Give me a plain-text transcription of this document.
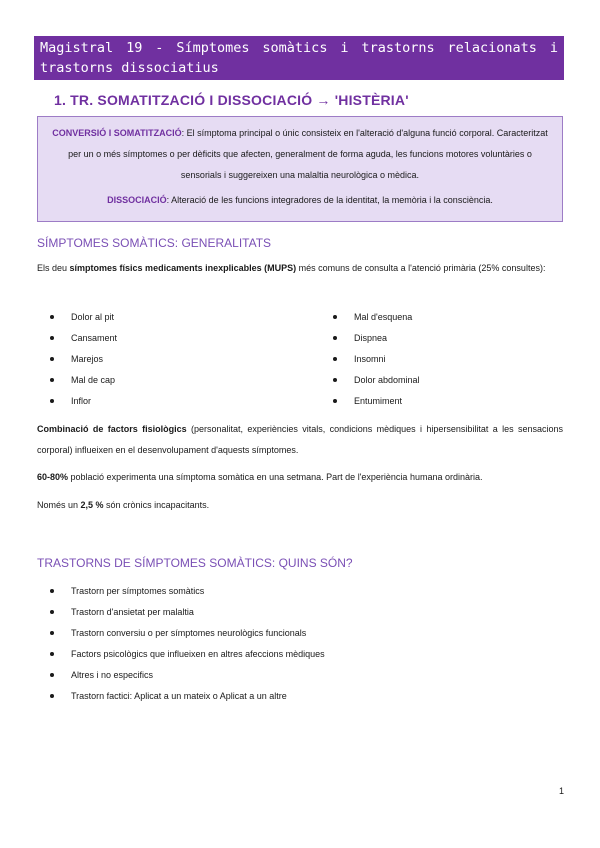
Magistral 19 - Símptomes somàtics i trastorns relacionats i trastorns dissociatius
1. TR. SOMATITZACIÓ I DISSOCIACIÓ → 'HISTÈRIA'

CONVERSIÓ I SOMATITZACIÓ: El símptoma principal o únic consisteix en l'alteració d'alguna funció corporal. Caracteritzat per un o més símptomes o per dèficits que afecten, generalment de forma aguda, les funcions motores voluntàries o sensorials i suggereixen una malaltia neurològica o mèdica.

DISSOCIACIÓ: Alteració de les funcions integradores de la identitat, la memòria i la consciència.

SÍMPTOMES SOMÀTICS: GENERALITATS

Els deu símptomes físics medicaments inexplicables (MUPS) més comuns de consulta a l'atenció primària (25% consultes):

Dolor al pit
Cansament
Marejos
Mal de cap
Inflor
Mal d'esquena
Dispnea
Insomni
Dolor abdominal
Entumiment

Combinació de factors fisiològics (personalitat, experiències vitals, condicions mèdiques i hipersensibilitat a les sensacions corporal) influeixen en el desenvolupament d'aquests símptomes.

60-80% població experimenta una símptoma somàtica en una setmana. Part de l'experiència humana ordinària.

Només un 2,5 % són crònics incapacitants.

TRASTORNS DE SÍMPTOMES SOMÀTICS: QUINS SÓN?
Trastorn per símptomes somàtics
Trastorn d'ansietat per malaltia
Trastorn conversiu o per símptomes neurològics funcionals
Factors psicològics que influeixen en altres afeccions mèdiques
Altres i no especifics
Trastorn factici: Aplicat a un mateix o Aplicat a un altre
1
